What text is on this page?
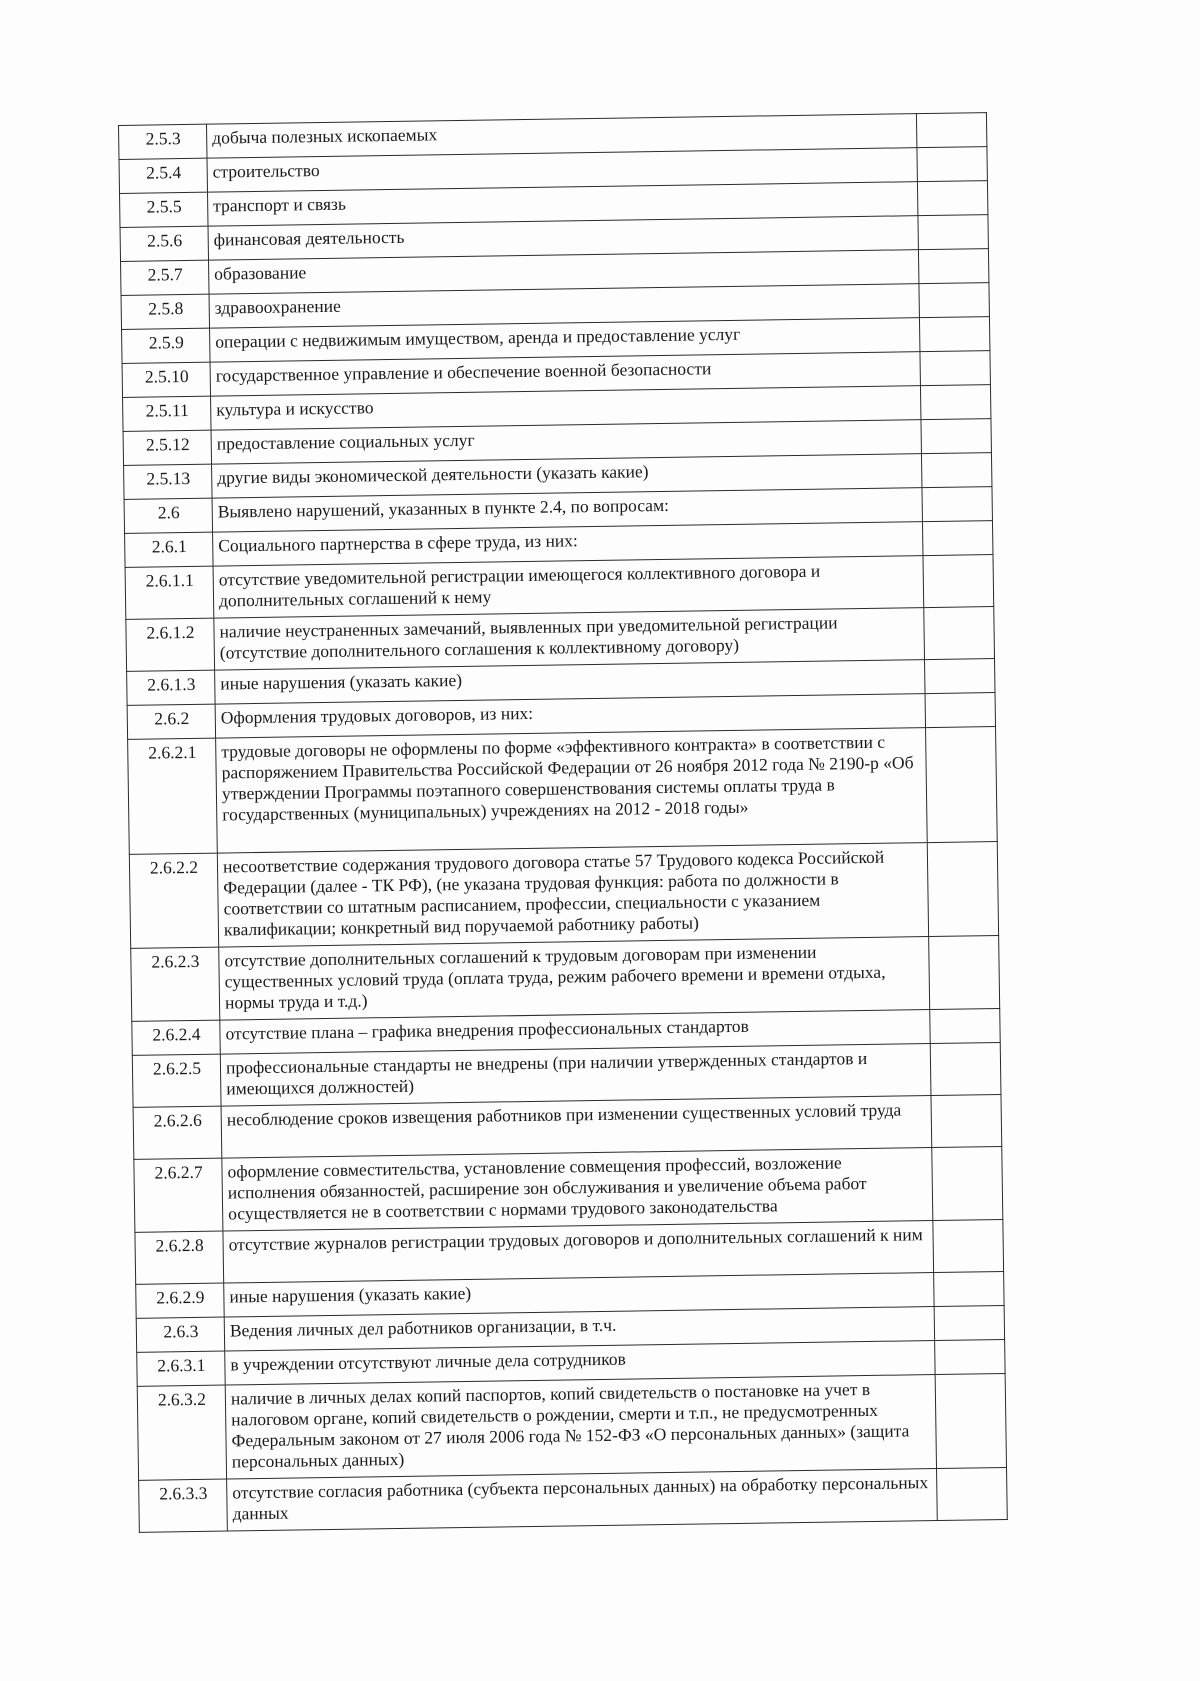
2.5.3	добыча полезных ископаемых	
2.5.4	строительство	
2.5.5	транспорт и связь	
2.5.6	финансовая деятельность	
2.5.7	образование	
2.5.8	здравоохранение	
2.5.9	операции с недвижимым имуществом, аренда и предоставление услуг	
2.5.10	государственное управление и обеспечение военной безопасности	
2.5.11	культура и искусство	
2.5.12	предоставление социальных услуг	
2.5.13	другие виды экономической деятельности (указать какие)	
2.6	Выявлено нарушений, указанных в пункте 2.4, по вопросам:	
2.6.1	Социального партнерства в сфере труда, из них:	
2.6.1.1	отсутствие уведомительной регистрации имеющегося коллективного договора и дополнительных соглашений к нему	
2.6.1.2	наличие неустраненных замечаний, выявленных при уведомительной регистрации (отсутствие дополнительного соглашения к коллективному договору)	
2.6.1.3	иные нарушения (указать какие)	
2.6.2	Оформления трудовых договоров, из них:	
2.6.2.1	трудовые договоры не оформлены по форме «эффективного контракта» в соответствии с распоряжением Правительства Российской Федерации от 26 ноября 2012 года № 2190-р «Об утверждении Программы поэтапного совершенствования системы оплаты труда в государственных (муниципальных) учреждениях на 2012 - 2018 годы»	
2.6.2.2	несоответствие содержания трудового договора статье 57 Трудового кодекса Российской Федерации (далее - ТК РФ), (не указана трудовая функция: работа по должности в соответствии со штатным расписанием, профессии, специальности с указанием квалификации; конкретный вид поручаемой работнику работы)	
2.6.2.3	отсутствие дополнительных соглашений к трудовым договорам при изменении существенных условий труда (оплата труда, режим рабочего времени и времени отдыха, нормы труда и т.д.)	
2.6.2.4	отсутствие плана – графика внедрения профессиональных стандартов	
2.6.2.5	профессиональные стандарты не внедрены (при наличии утвержденных стандартов и имеющихся должностей)	
2.6.2.6	несоблюдение сроков извещения работников при изменении существенных условий труда	
2.6.2.7	оформление совместительства, установление совмещения профессий, возложение исполнения обязанностей, расширение зон обслуживания и увеличение объема работ осуществляется не в соответствии с нормами трудового законодательства	
2.6.2.8	отсутствие журналов регистрации трудовых договоров и дополнительных соглашений к ним	
2.6.2.9	иные нарушения (указать какие)	
2.6.3	Ведения личных дел работников организации, в т.ч.	
2.6.3.1	в учреждении отсутствуют личные дела сотрудников	
2.6.3.2	наличие в личных делах копий паспортов, копий свидетельств о постановке на учет в налоговом органе, копий свидетельств о рождении, смерти и т.п., не предусмотренных Федеральным законом от 27 июля 2006 года № 152-ФЗ «О персональных данных» (защита персональных данных)	
2.6.3.3	отсутствие согласия работника (субъекта персональных данных) на обработку персональных данных	
